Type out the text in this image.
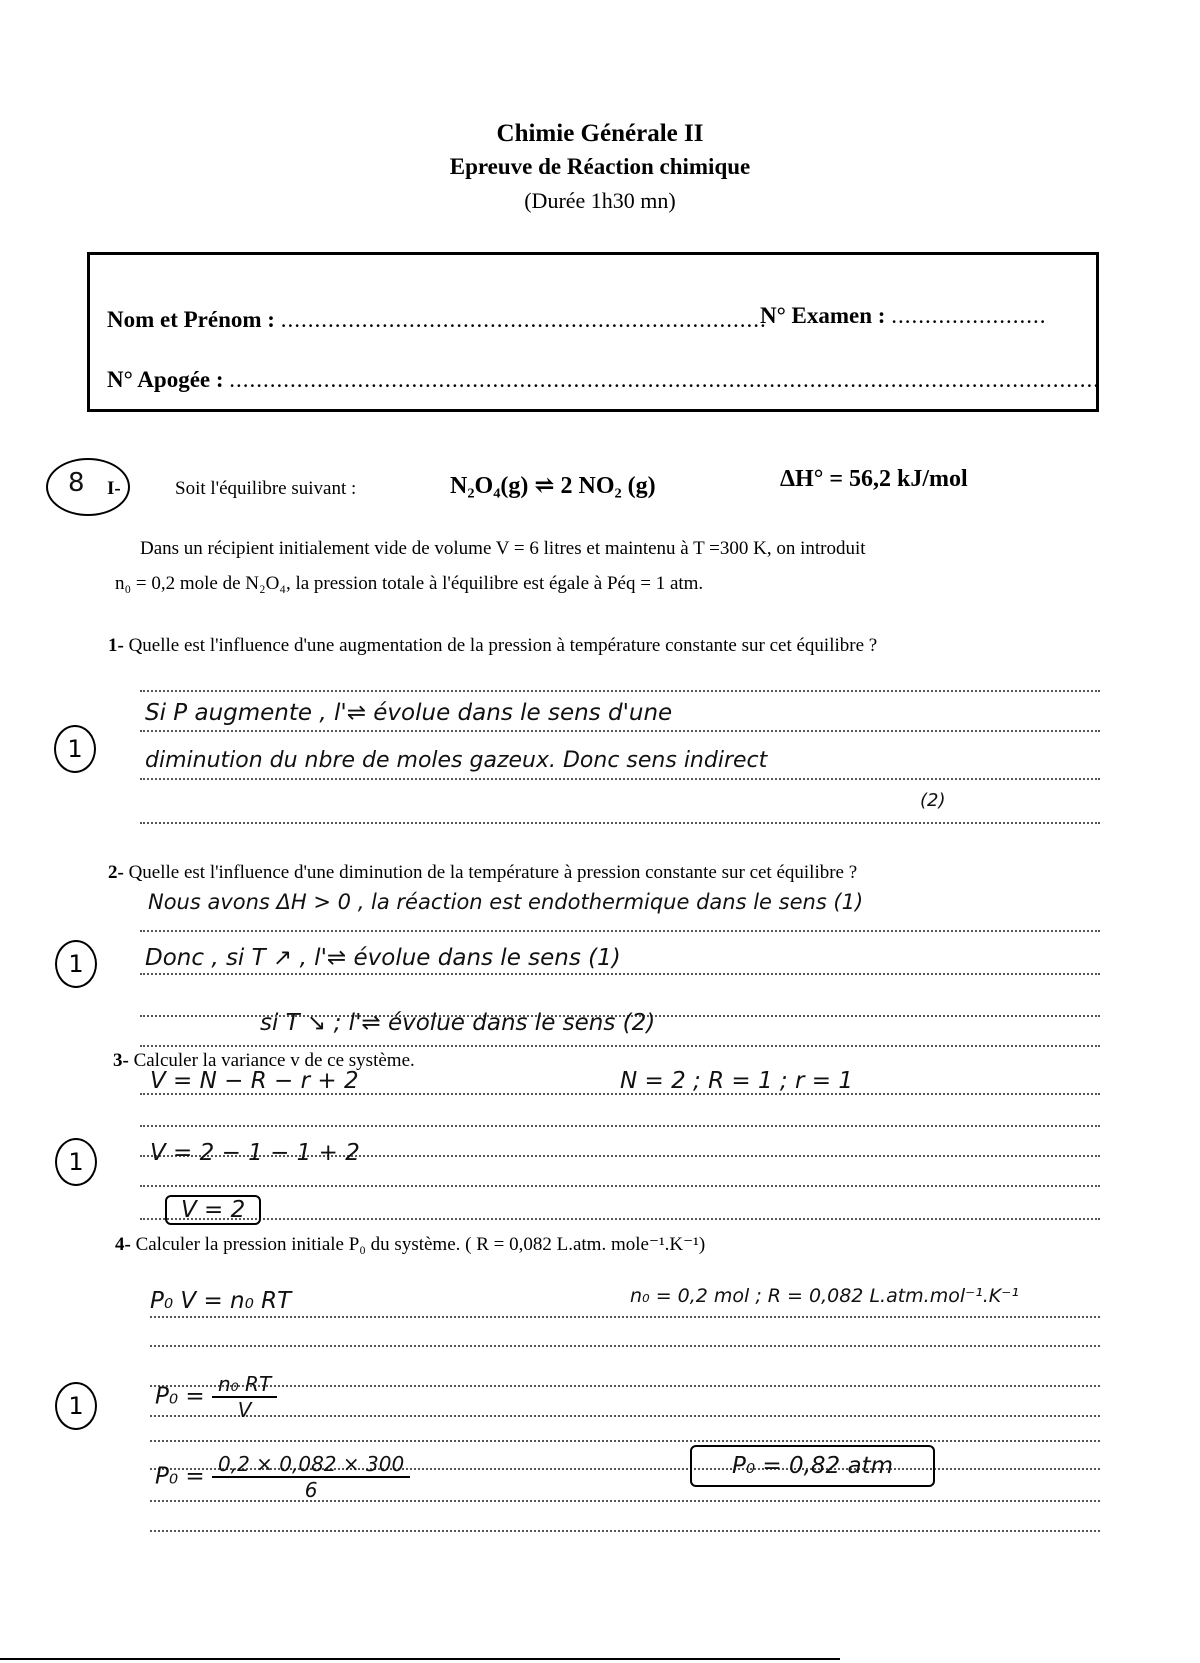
Chimie Générale II
Epreuve de Réaction chimique
(Durée 1h30 mn)
Nom et Prénom : ........................................................................
N° Examen : .......................
N° Apogée : .................................................................................................................................
8 I-	Soit l'équilibre suivant :	N₂O₄(g) ⇌ 2 NO₂ (g)	ΔH° = 56,2 kJ/mol
Dans un récipient initialement vide de volume V = 6 litres et maintenu à T =300 K, on introduit
n₀ = 0,2 mole de N₂O₄, la pression totale à l'équilibre est égale à Péq = 1 atm.
1- Quelle est l'influence d'une augmentation de la pression à température constante sur cet équilibre ?
1
Si P augmente , l'⇌ évolue dans le sens d'une
diminution du nbre de moles gazeux. Donc sens indirect
(2)
2- Quelle est l'influence d'une diminution de la température à pression constante sur cet équilibre ?
Nous avons ΔH > 0 , la réaction est endothermique dans le sens (1)
1	Donc , si T ↗ , l'⇌ évolue dans le sens (1)
si T ↘ ; l'⇌ évolue dans le sens (2)
3- Calculer la variance v de ce système.
1
V = N − R − r + 2	N = 2 ; R = 1 ; r = 1
V = 2 − 1 − 1 + 2
V = 2
4- Calculer la pression initiale P₀ du système. ( R = 0,082 L.atm. mole⁻¹.K⁻¹)
1
P₀ V = n₀ RT	n₀ = 0,2 mol ; R = 0,082 L.atm.mol⁻¹.K⁻¹
$P_0 = \frac{\text{n₀ RT}}{V}$
$P_0 = \frac{0,2 \times 0,082 \times 300}{6}$	P₀ = 0,82 atm
